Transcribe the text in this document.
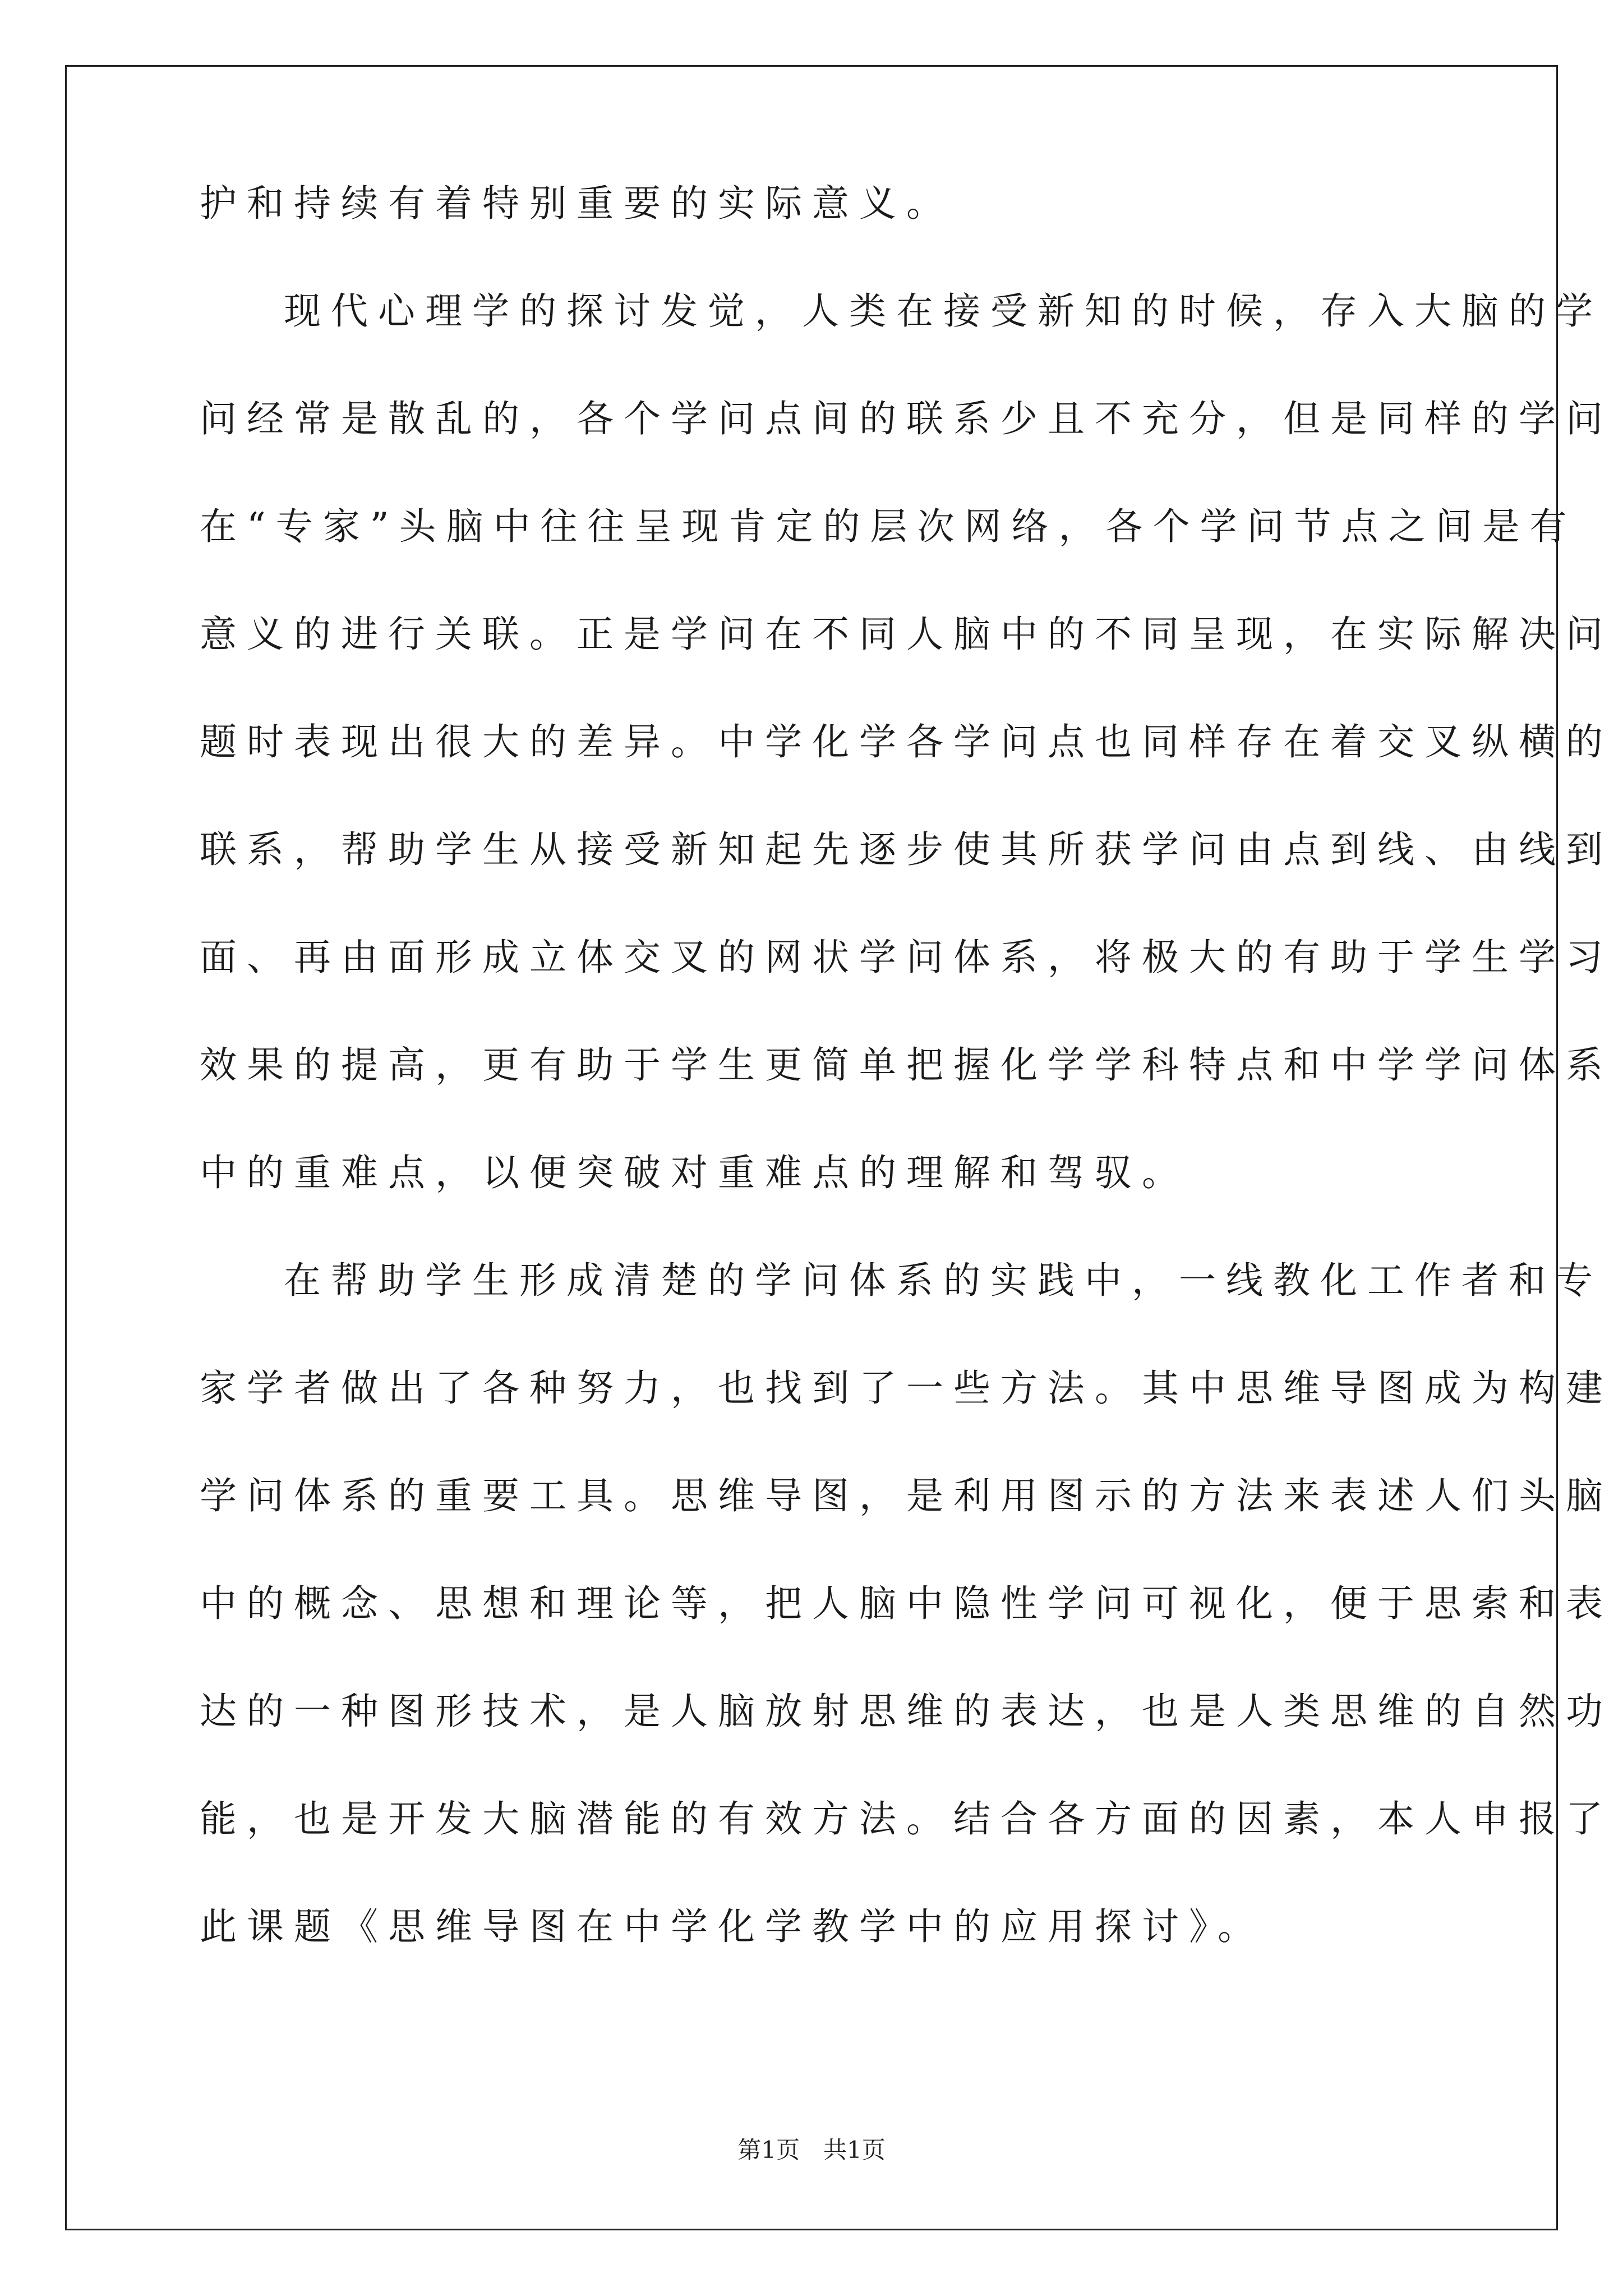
护和持续有着特别重要的实际意义。
现代心理学的探讨发觉，人类在接受新知的时候，存入大脑的学
问经常是散乱的，各个学问点间的联系少且不充分，但是同样的学问
在“专家”头脑中往往呈现肯定的层次网络，各个学问节点之间是有
意义的进行关联。正是学问在不同人脑中的不同呈现，在实际解决问
题时表现出很大的差异。中学化学各学问点也同样存在着交叉纵横的
联系，帮助学生从接受新知起先逐步使其所获学问由点到线、由线到
面、再由面形成立体交叉的网状学问体系，将极大的有助于学生学习
效果的提高，更有助于学生更简单把握化学学科特点和中学学问体系
中的重难点，以便突破对重难点的理解和驾驭。
在帮助学生形成清楚的学问体系的实践中，一线教化工作者和专
家学者做出了各种努力，也找到了一些方法。其中思维导图成为构建
学问体系的重要工具。思维导图，是利用图示的方法来表述人们头脑
中的概念、思想和理论等，把人脑中隐性学问可视化，便于思索和表
达的一种图形技术，是人脑放射思维的表达，也是人类思维的自然功
能，也是开发大脑潜能的有效方法。结合各方面的因素，本人申报了
此课题《思维导图在中学化学教学中的应用探讨》。
第1页　共1页
